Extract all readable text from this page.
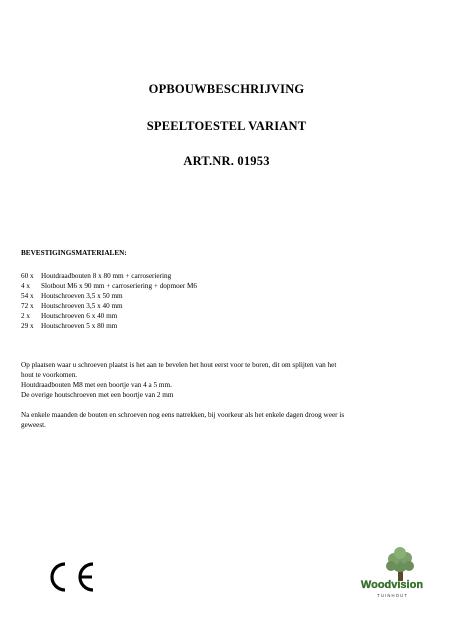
OPBOUWBESCHRIJVING
SPEELTOESTEL VARIANT
ART.NR. 01953
BEVESTIGINGSMATERIALEN:
60 x	Houtdraadbouten 8 x 80 mm + carroseriering
4 x	Slotbout M6 x 90 mm + carroseriering + dopmoer M6
54 x	Houtschroeven 3,5 x 50 mm
72 x	Houtschroeven 3,5 x 40 mm
2 x	Houtschroeven 6 x 40 mm
29 x	Houtschroeven 5 x 80 mm
Op plaatsen waar u schroeven plaatst is het aan te bevelen het hout eerst voor te boren, dit om splijten van het
hout te voorkomen.
Houtdraadbouten M8 met een boortje van 4 a 5 mm.
De overige houtschroeven met een boortje van 2 mm
Na enkele maanden de bouten en schroeven nog eens natrekken, bij voorkeur als het enkele dagen droog weer is
geweest.
Woodvision
T U I N H O U T
